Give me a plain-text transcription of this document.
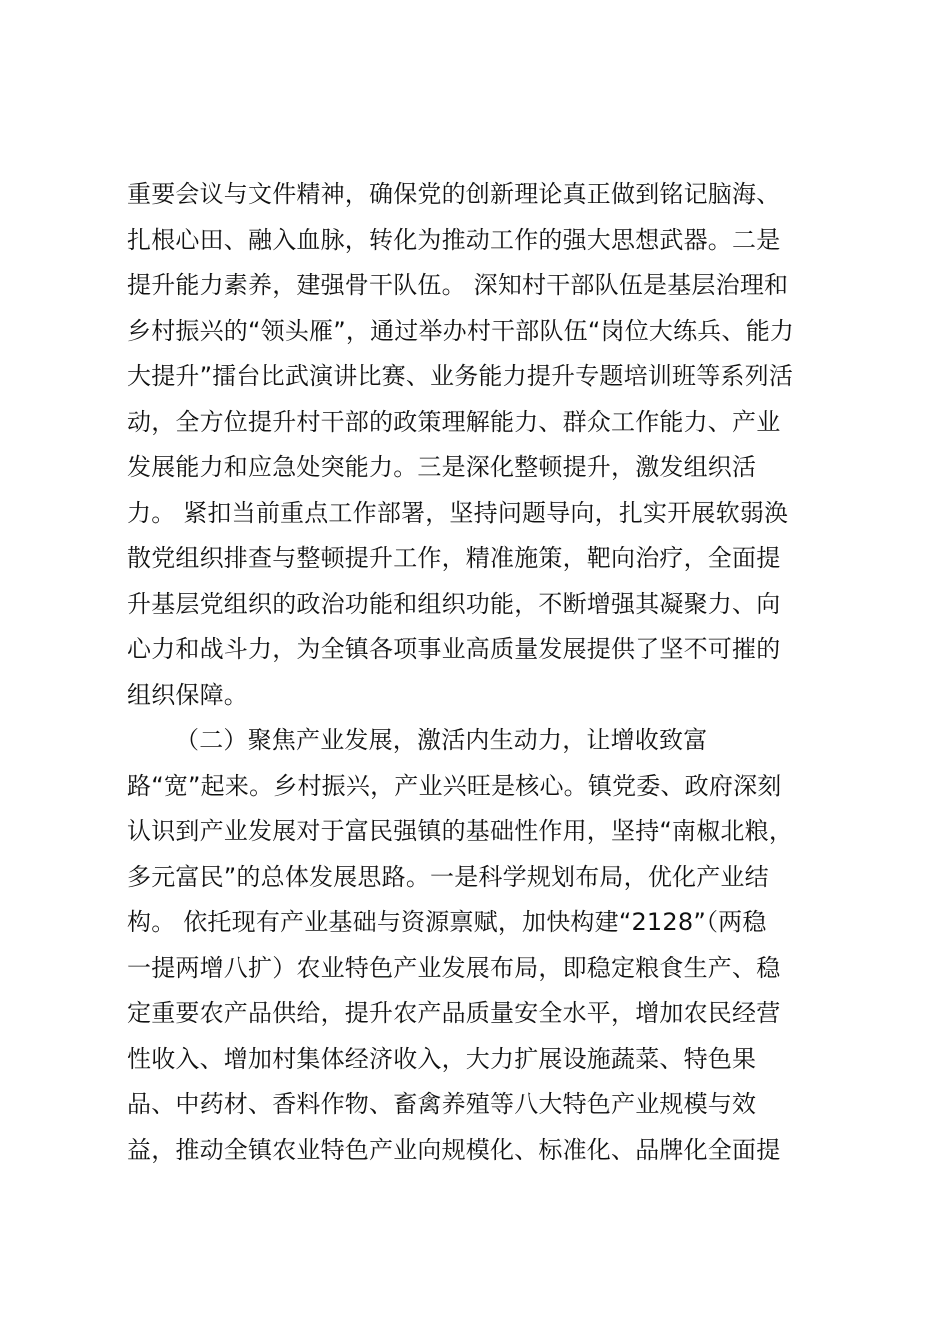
重要会议与文件精神，确保党的创新理论真正做到铭记脑海、
扎根心田、融入血脉，转化为推动工作的强大思想武器。二是
提升能力素养，建强骨干队伍。 深知村干部队伍是基层治理和
乡村振兴的“领头雁”，通过举办村干部队伍“岗位大练兵、能力
大提升”擂台比武演讲比赛、业务能力提升专题培训班等系列活
动，全方位提升村干部的政策理解能力、群众工作能力、产业
发展能力和应急处突能力。三是深化整顿提升，激发组织活
力。 紧扣当前重点工作部署，坚持问题导向，扎实开展软弱涣
散党组织排查与整顿提升工作，精准施策，靶向治疗，全面提
升基层党组织的政治功能和组织功能，不断增强其凝聚力、向
心力和战斗力，为全镇各项事业高质量发展提供了坚不可摧的
组织保障。
（二）聚焦产业发展，激活内生动力，让增收致富
路“宽”起来。乡村振兴，产业兴旺是核心。镇党委、政府深刻
认识到产业发展对于富民强镇的基础性作用，坚持“南椒北粮，
多元富民”的总体发展思路。一是科学规划布局，优化产业结
构。 依托现有产业基础与资源禀赋，加快构建“2128”（两稳
一提两增八扩）农业特色产业发展布局，即稳定粮食生产、稳
定重要农产品供给，提升农产品质量安全水平，增加农民经营
性收入、增加村集体经济收入，大力扩展设施蔬菜、特色果
品、中药材、香料作物、畜禽养殖等八大特色产业规模与效
益，推动全镇农业特色产业向规模化、标准化、品牌化全面提
